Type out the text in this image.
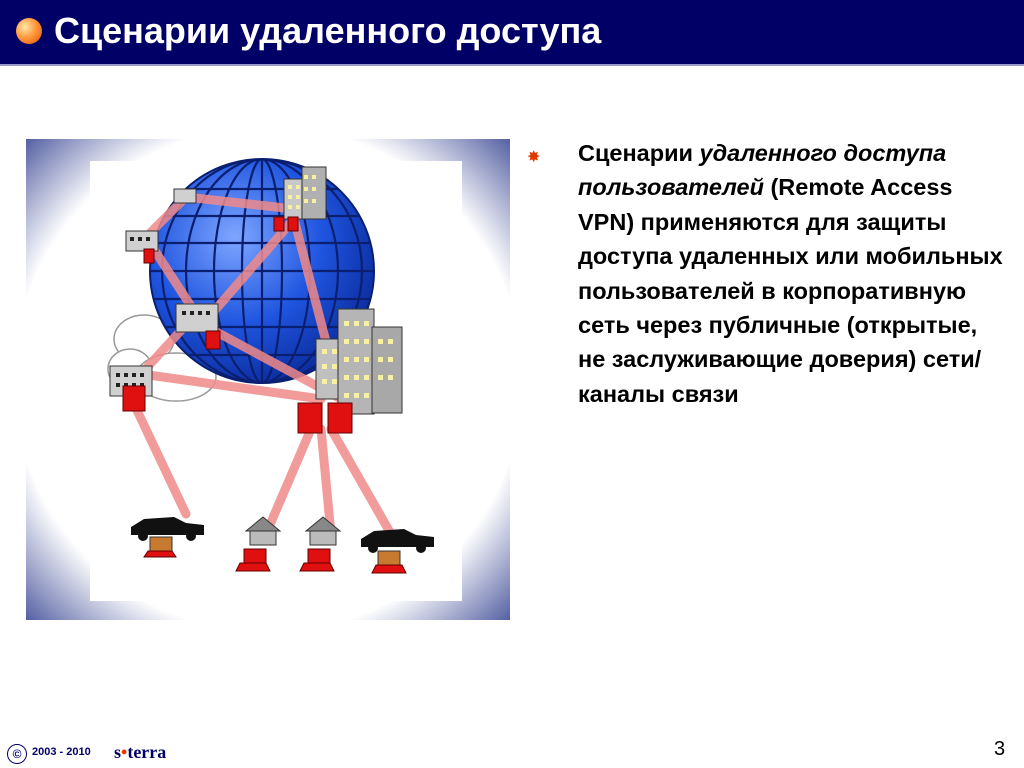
Сценарии удаленного доступа
✸ Сценарии удаленного доступа пользователей (Remote Access VPN) применяются для защиты доступа удаленных или мобильных пользователей в корпоративную сеть через публичные (открытые, не заслуживающие доверия) сети/каналы связи
© 2003 - 2010 s•terra	3
